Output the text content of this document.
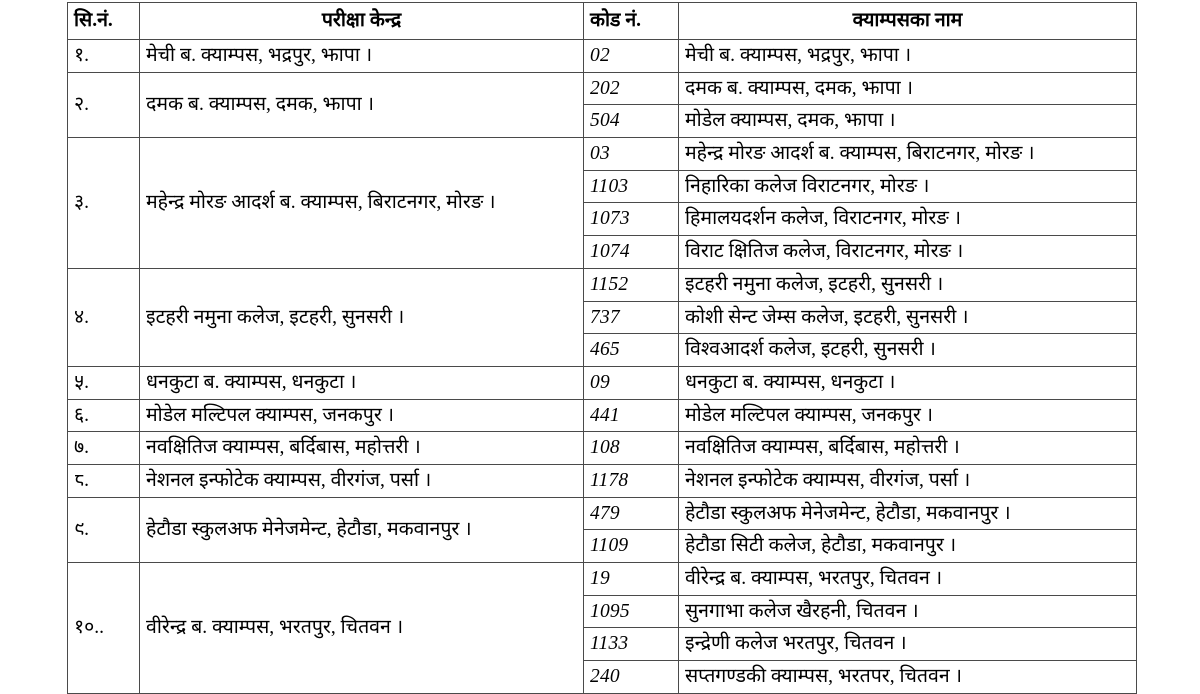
सि.नं.	परीक्षा केन्द्र	कोड नं.	क्याम्पसका नाम
१.	मेची ब. क्याम्पस, भद्रपुर, झापा ।	02	मेची ब. क्याम्पस, भद्रपुर, झापा ।
२.	दमक ब. क्याम्पस, दमक, झापा ।	202	दमक ब. क्याम्पस, दमक, झापा ।
		504	मोडेल क्याम्पस, दमक, झापा ।
३.	महेन्द्र मोरङ आदर्श ब. क्याम्पस, बिराटनगर, मोरङ ।	03	महेन्द्र मोरङ आदर्श ब. क्याम्पस, बिराटनगर, मोरङ ।
		1103	निहारिका कलेज विराटनगर, मोरङ ।
		1073	हिमालयदर्शन कलेज, विराटनगर, मोरङ ।
		1074	विराट क्षितिज कलेज, विराटनगर, मोरङ ।
४.	इटहरी नमुना कलेज, इटहरी, सुनसरी ।	1152	इटहरी नमुना कलेज, इटहरी, सुनसरी ।
		737	कोशी सेन्ट जेम्स कलेज, इटहरी, सुनसरी ।
		465	विश्वआदर्श कलेज, इटहरी, सुनसरी ।
५.	धनकुटा ब. क्याम्पस, धनकुटा ।	09	धनकुटा ब. क्याम्पस, धनकुटा ।
६.	मोडेल मल्टिपल क्याम्पस, जनकपुर ।	441	मोडेल मल्टिपल क्याम्पस, जनकपुर ।
७.	नवक्षितिज क्याम्पस, बर्दिबास, महोत्तरी ।	108	नवक्षितिज क्याम्पस, बर्दिबास, महोत्तरी ।
८.	नेशनल इन्फोटेक क्याम्पस, वीरगंज, पर्सा ।	1178	नेशनल इन्फोटेक क्याम्पस, वीरगंज, पर्सा ।
९.	हेटौडा स्कुलअफ मेनेजमेन्ट, हेटौडा, मकवानपुर ।	479	हेटौडा स्कुलअफ मेनेजमेन्ट, हेटौडा, मकवानपुर ।
		1109	हेटौडा सिटी कलेज, हेटौडा, मकवानपुर ।
१०..	वीरेन्द्र ब. क्याम्पस, भरतपुर, चितवन ।	19	वीरेन्द्र ब. क्याम्पस, भरतपुर, चितवन ।
		1095	सुनगाभा कलेज खैरहनी, चितवन ।
		1133	इन्द्रेणी कलेज भरतपुर, चितवन ।
		240	सप्तगण्डकी क्याम्पस, भरतपर, चितवन ।
